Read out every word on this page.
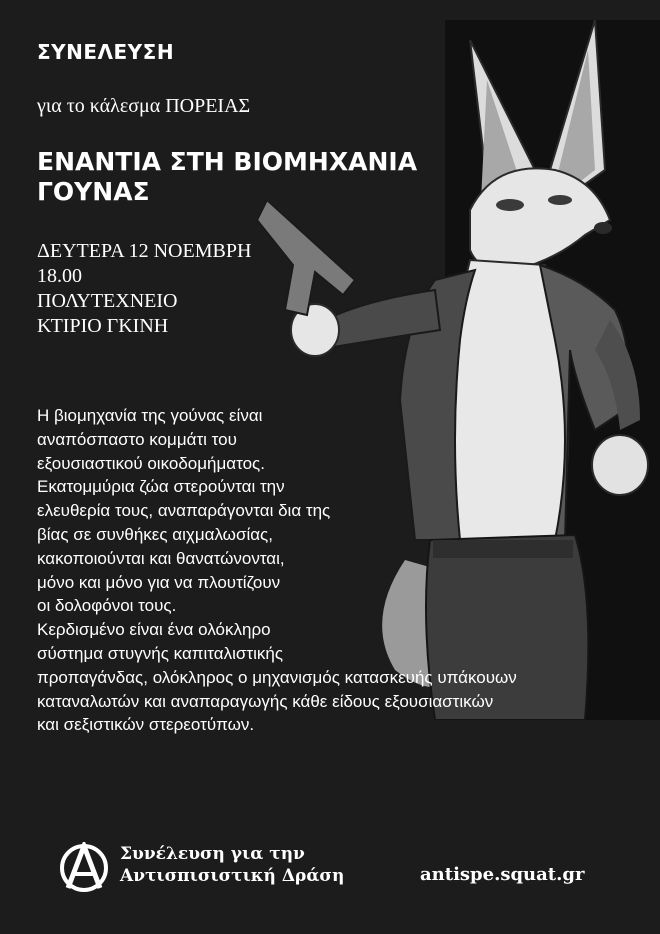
ΣΥΝΕΛΕΥΣΗ
για το κάλεσμα ΠΟΡΕΙΑΣ
ΕΝΑΝΤΙΑ ΣΤΗ ΒΙΟΜΗΧΑΝΙΑ
ΓΟΥΝΑΣ
ΔΕΥΤΕΡΑ 12 ΝΟΕΜΒΡΗ
18.00
ΠΟΛΥΤΕΧΝΕΙΟ
ΚΤΙΡΙΟ ΓΚΙΝΗ
Η βιομηχανία της γούνας είναι
αναπόσπαστο κομμάτι του
εξουσιαστικού οικοδομήματος.
Εκατομμύρια ζώα στερούνται την
ελευθερία τους, αναπαράγονται δια της
βίας σε συνθήκες αιχμαλωσίας,
κακοποιούνται και θανατώνονται,
μόνο και μόνο για να πλουτίζουν
οι δολοφόνοι τους.
Κερδισμένο είναι ένα ολόκληρο
σύστημα στυγνής καπιταλιστικής
προπαγάνδας, ολόκληρος ο μηχανισμός κατασκευής υπάκουων
καταναλωτών και αναπαραγωγής κάθε είδους εξουσιαστικών
και σεξιστικών στερεοτύπων.
Συνέλευση για την
Αντισπισιστική Δράση	antispe.squat.gr
